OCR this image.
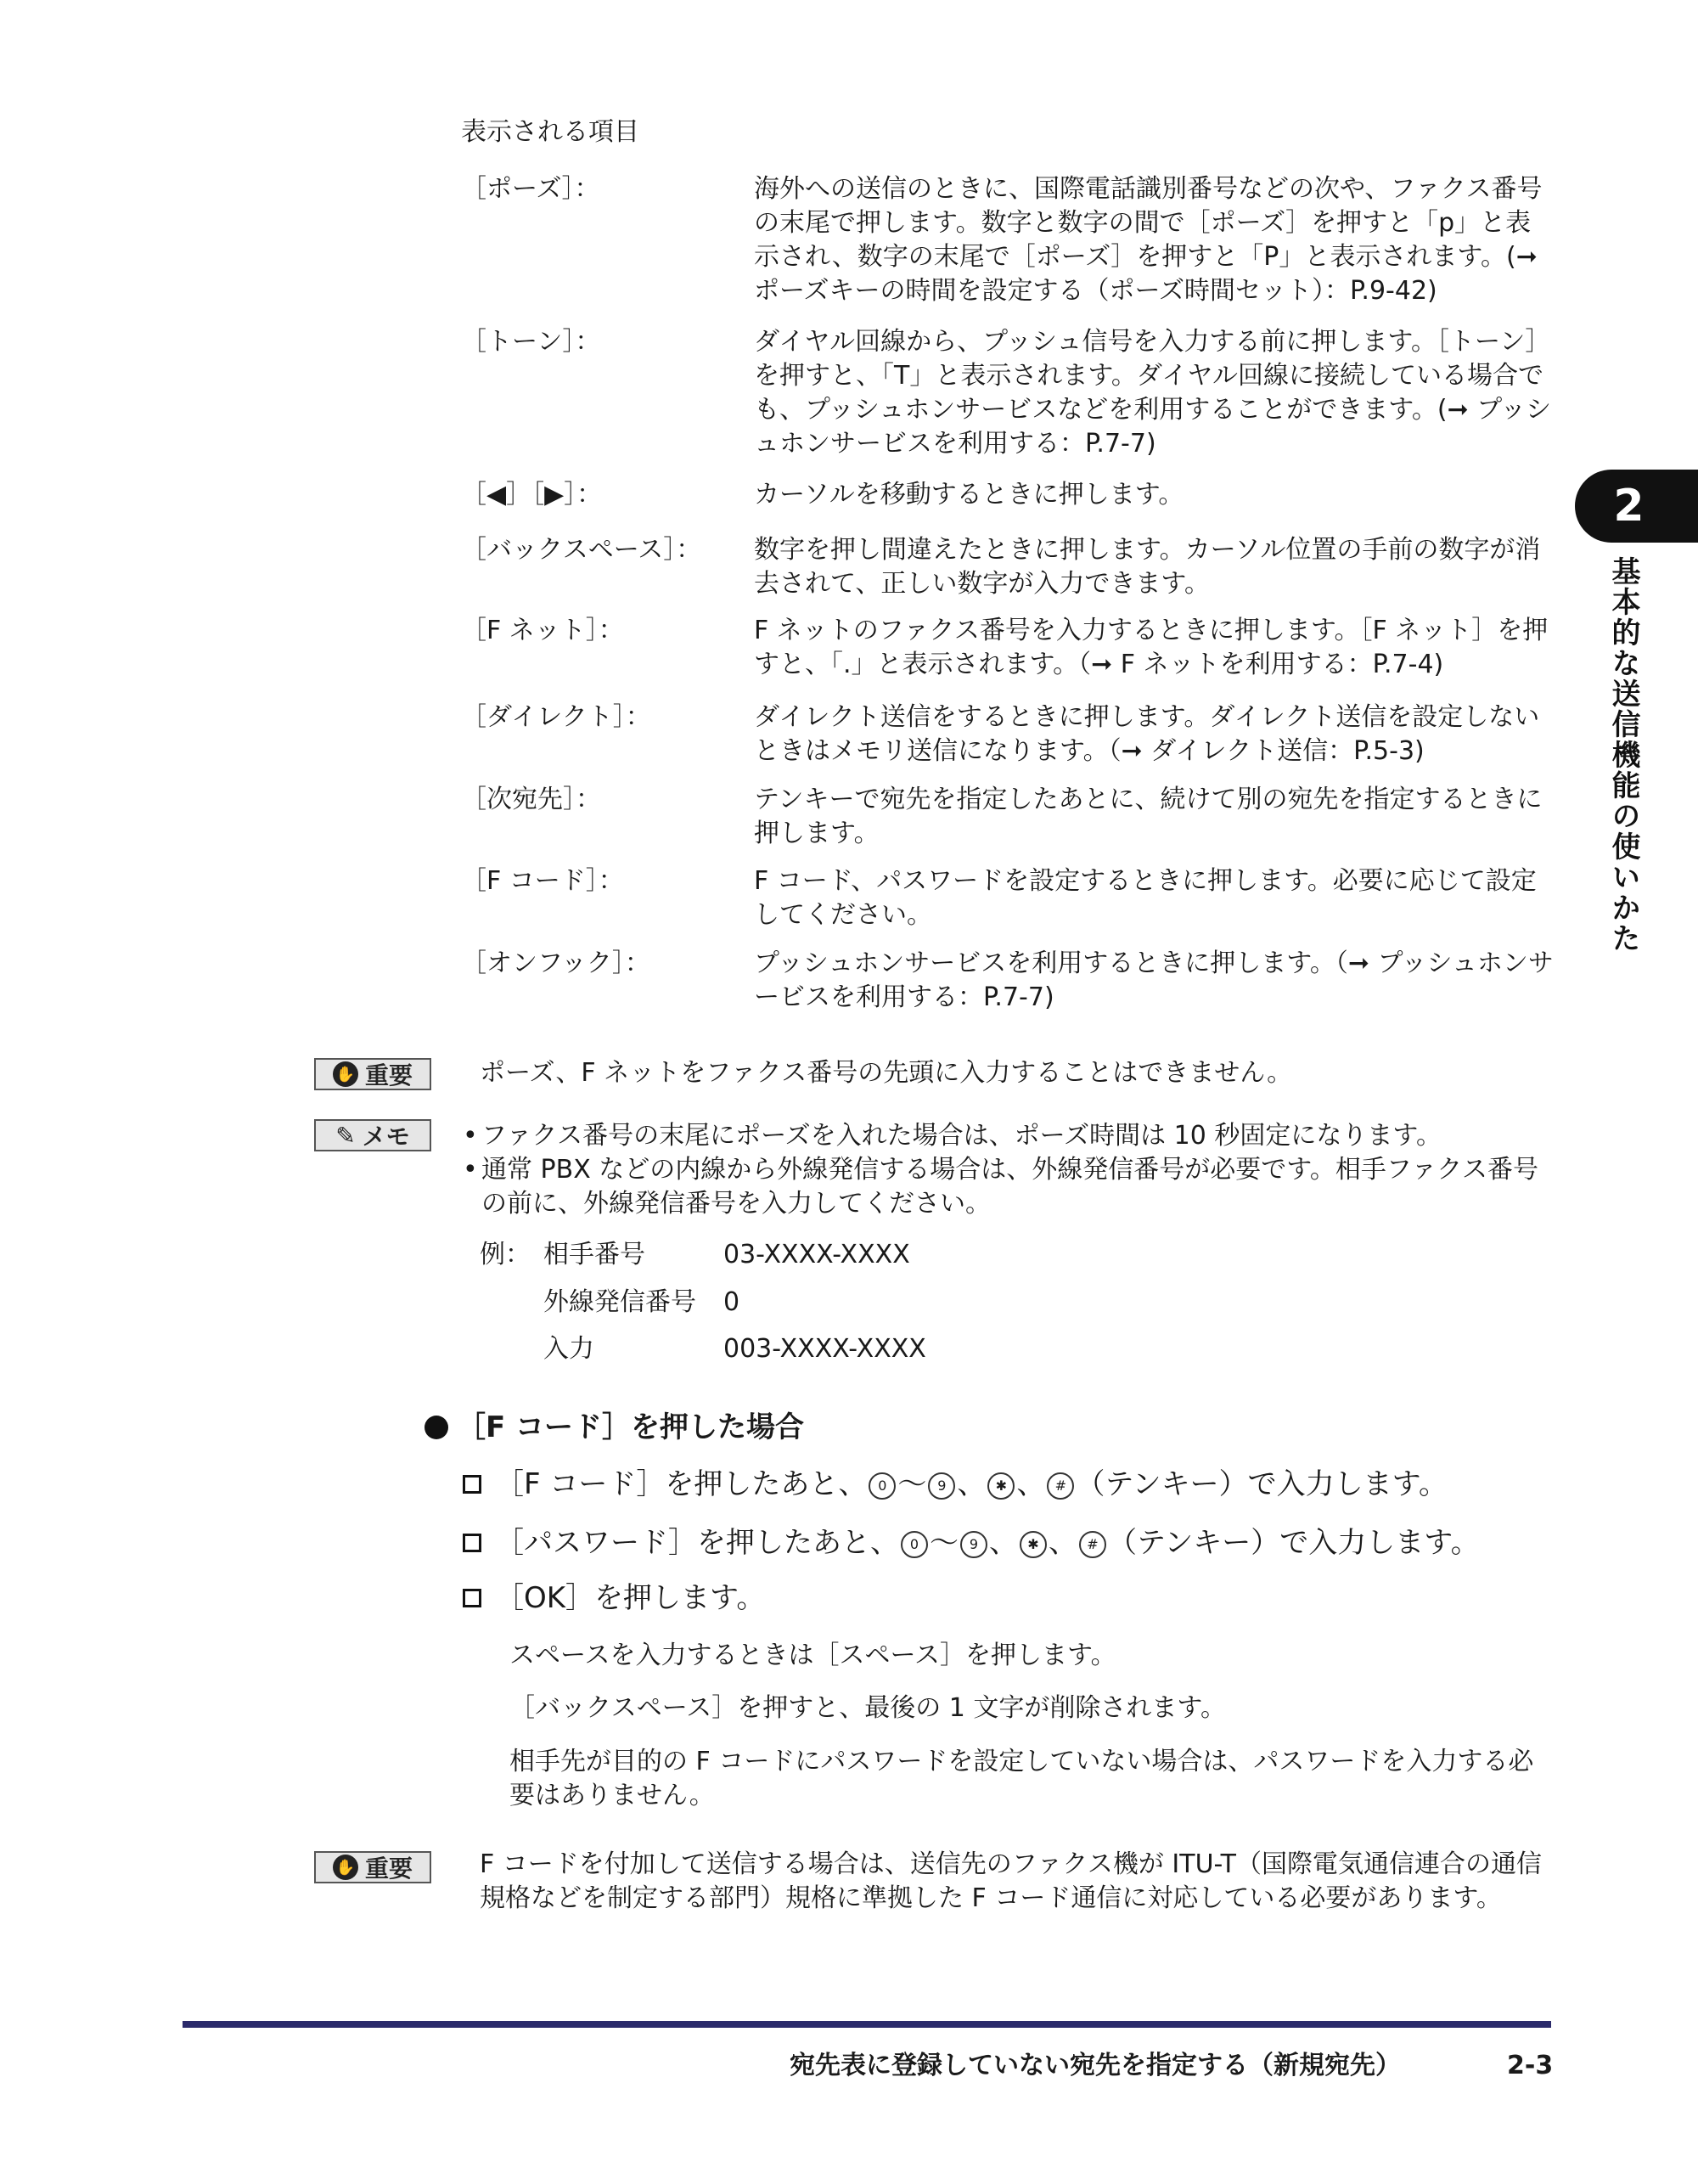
表示される項目
［ポーズ］：	海外への送信のときに、国際電話識別番号などの次や、ファクス番号の末尾で押します。数字と数字の間で［ポーズ］を押すと「p」と表示され、数字の末尾で［ポーズ］を押すと「P」と表示されます。(➞ ポーズキーの時間を設定する（ポーズ時間セット）：P.9-42)
［トーン］：	ダイヤル回線から、プッシュ信号を入力する前に押します。［トーン］を押すと、「T」と表示されます。ダイヤル回線に接続している場合でも、プッシュホンサービスなどを利用することができます。(➞ プッシュホンサービスを利用する：P.7-7)
［◀］［▶］：	カーソルを移動するときに押します。
［バックスペース］： 数字を押し間違えたときに押します。カーソル位置の手前の数字が消去されて、正しい数字が入力できます。
［F ネット］：	F ネットのファクス番号を入力するときに押します。［F ネット］を押すと、「.」と表示されます。（➞ F ネットを利用する：P.7-4)
［ダイレクト］：	ダイレクト送信をするときに押します。ダイレクト送信を設定しないときはメモリ送信になります。（➞ ダイレクト送信：P.5-3)
［次宛先］：	テンキーで宛先を指定したあとに、続けて別の宛先を指定するときに押します。
［F コード］：	F コード、パスワードを設定するときに押します。必要に応じて設定してください。
［オンフック］：	プッシュホンサービスを利用するときに押します。（➞ プッシュホンサービスを利用する：P.7-7)
✋ 重要	ポーズ、F ネットをファクス番号の先頭に入力することはできません。
✎ メモ
•	ファクス番号の末尾にポーズを入れた場合は、ポーズ時間は 10 秒固定になります。
• 通常 PBX などの内線から外線発信する場合は、外線発信番号が必要です。相手ファクス番号の前に、外線発信番号を入力してください。
例： 相手番号	03-XXXX-XXXX
外線発信番号 0
入力	003-XXXX-XXXX
［F コード］を押した場合
［F コード］を押したあと、 0 〜 9 、 ✱ 、 # （テンキー）で入力します。
［パスワード］を押したあと、 0 〜 9 、 ✱ 、 # （テンキー）で入力します。
［OK］を押します。
スペースを入力するときは［スペース］を押します。
［バックスペース］を押すと、最後の 1 文字が削除されます。
相手先が目的の F コードにパスワードを設定していない場合は、パスワードを入力する必要はありません。
✋ 重要	F コードを付加して送信する場合は、送信先のファクス機が ITU-T（国際電気通信連合の通信規格などを制定する部門）規格に準拠した F コード通信に対応している必要があります。
宛先表に登録していない宛先を指定する（新規宛先）	2-3
2
基本的な送信機能の使いかた
